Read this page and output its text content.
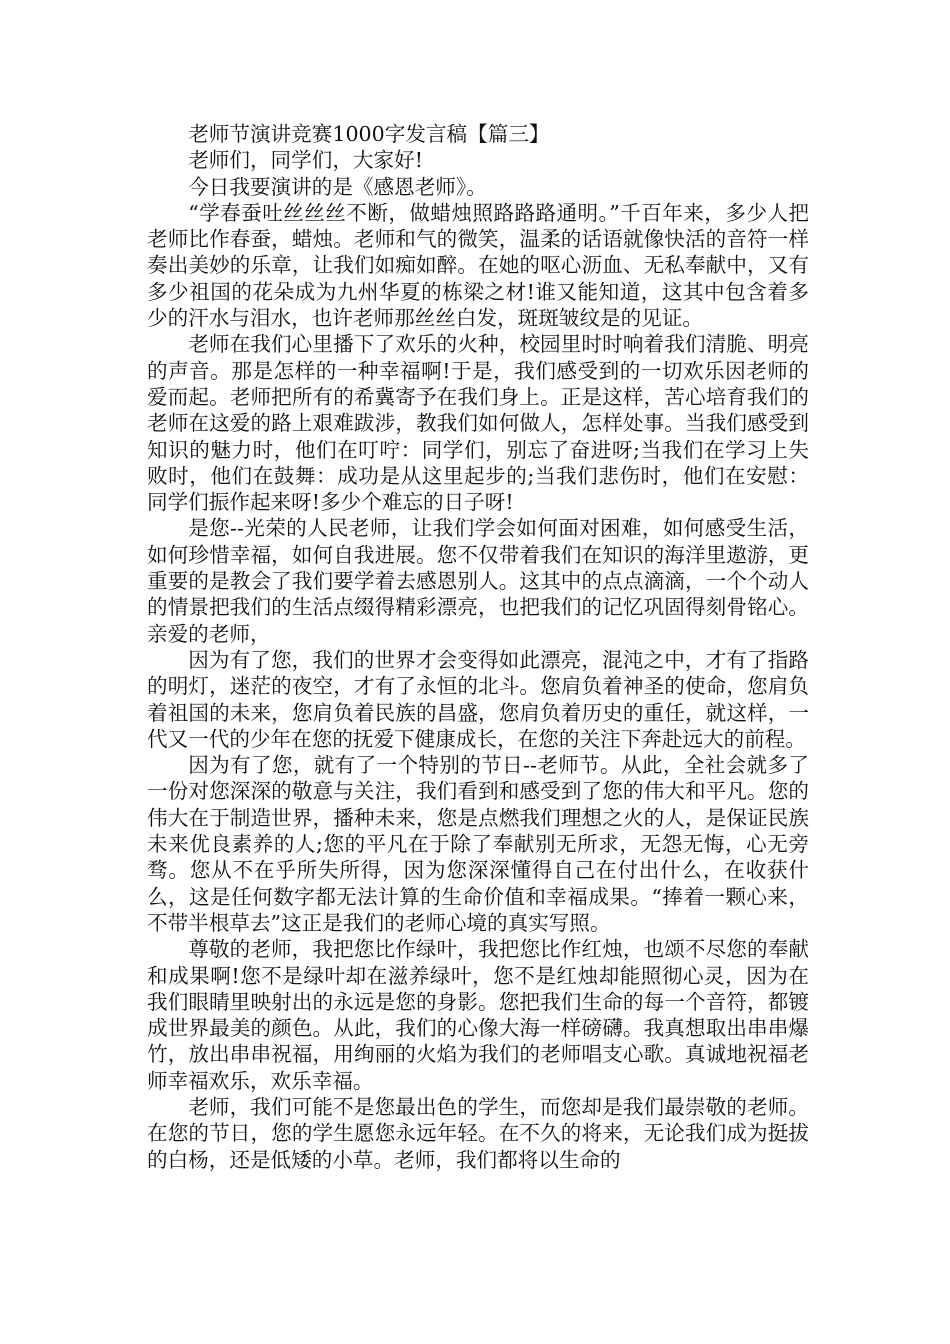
老师节演讲竞赛1000字发言稿【篇三】

老师们，同学们，大家好!

今日我要演讲的是《感恩老师》。

“学春蚕吐丝丝丝不断，做蜡烛照路路路通明。”千百年来，多少人把老师比作春蚕，蜡烛。老师和气的微笑，温柔的话语就像快活的音符一样奏出美妙的乐章，让我们如痴如醉。在她的呕心沥血、无私奉献中，又有多少祖国的花朵成为九州华夏的栋梁之材!谁又能知道，这其中包含着多少的汗水与泪水，也许老师那丝丝白发，斑斑皱纹是的见证。

老师在我们心里播下了欢乐的火种，校园里时时响着我们清脆、明亮的声音。那是怎样的一种幸福啊!于是，我们感受到的一切欢乐因老师的爱而起。老师把所有的希冀寄予在我们身上。正是这样，苦心培育我们的老师在这爱的路上艰难跋涉，教我们如何做人，怎样处事。当我们感受到知识的魅力时，他们在叮咛：同学们，别忘了奋进呀;当我们在学习上失败时，他们在鼓舞：成功是从这里起步的;当我们悲伤时，他们在安慰：同学们振作起来呀!多少个难忘的日子呀!

是您--光荣的人民老师，让我们学会如何面对困难，如何感受生活，如何珍惜幸福，如何自我进展。您不仅带着我们在知识的海洋里遨游，更重要的是教会了我们要学着去感恩别人。这其中的点点滴滴，一个个动人的情景把我们的生活点缀得精彩漂亮，也把我们的记忆巩固得刻骨铭心。亲爱的老师，

因为有了您，我们的世界才会变得如此漂亮，混沌之中，才有了指路的明灯，迷茫的夜空，才有了永恒的北斗。您肩负着神圣的使命，您肩负着祖国的未来，您肩负着民族的昌盛，您肩负着历史的重任，就这样，一代又一代的少年在您的抚爱下健康成长，在您的关注下奔赴远大的前程。

因为有了您，就有了一个特别的节日--老师节。从此，全社会就多了一份对您深深的敬意与关注，我们看到和感受到了您的伟大和平凡。您的伟大在于制造世界，播种未来，您是点燃我们理想之火的人，是保证民族未来优良素养的人;您的平凡在于除了奉献别无所求，无怨无悔，心无旁骛。您从不在乎所失所得，因为您深深懂得自己在付出什么，在收获什么，这是任何数字都无法计算的生命价值和幸福成果。“捧着一颗心来，不带半根草去”这正是我们的老师心境的真实写照。

尊敬的老师，我把您比作绿叶，我把您比作红烛，也颂不尽您的奉献和成果啊!您不是绿叶却在滋养绿叶，您不是红烛却能照彻心灵，因为在我们眼睛里映射出的永远是您的身影。您把我们生命的每一个音符，都镀成世界最美的颜色。从此，我们的心像大海一样磅礴。我真想取出串串爆竹，放出串串祝福，用绚丽的火焰为我们的老师唱支心歌。真诚地祝福老师幸福欢乐，欢乐幸福。

老师，我们可能不是您最出色的学生，而您却是我们最崇敬的老师。在您的节日，您的学生愿您永远年轻。在不久的将来，无论我们成为挺拔的白杨，还是低矮的小草。老师，我们都将以生命的
